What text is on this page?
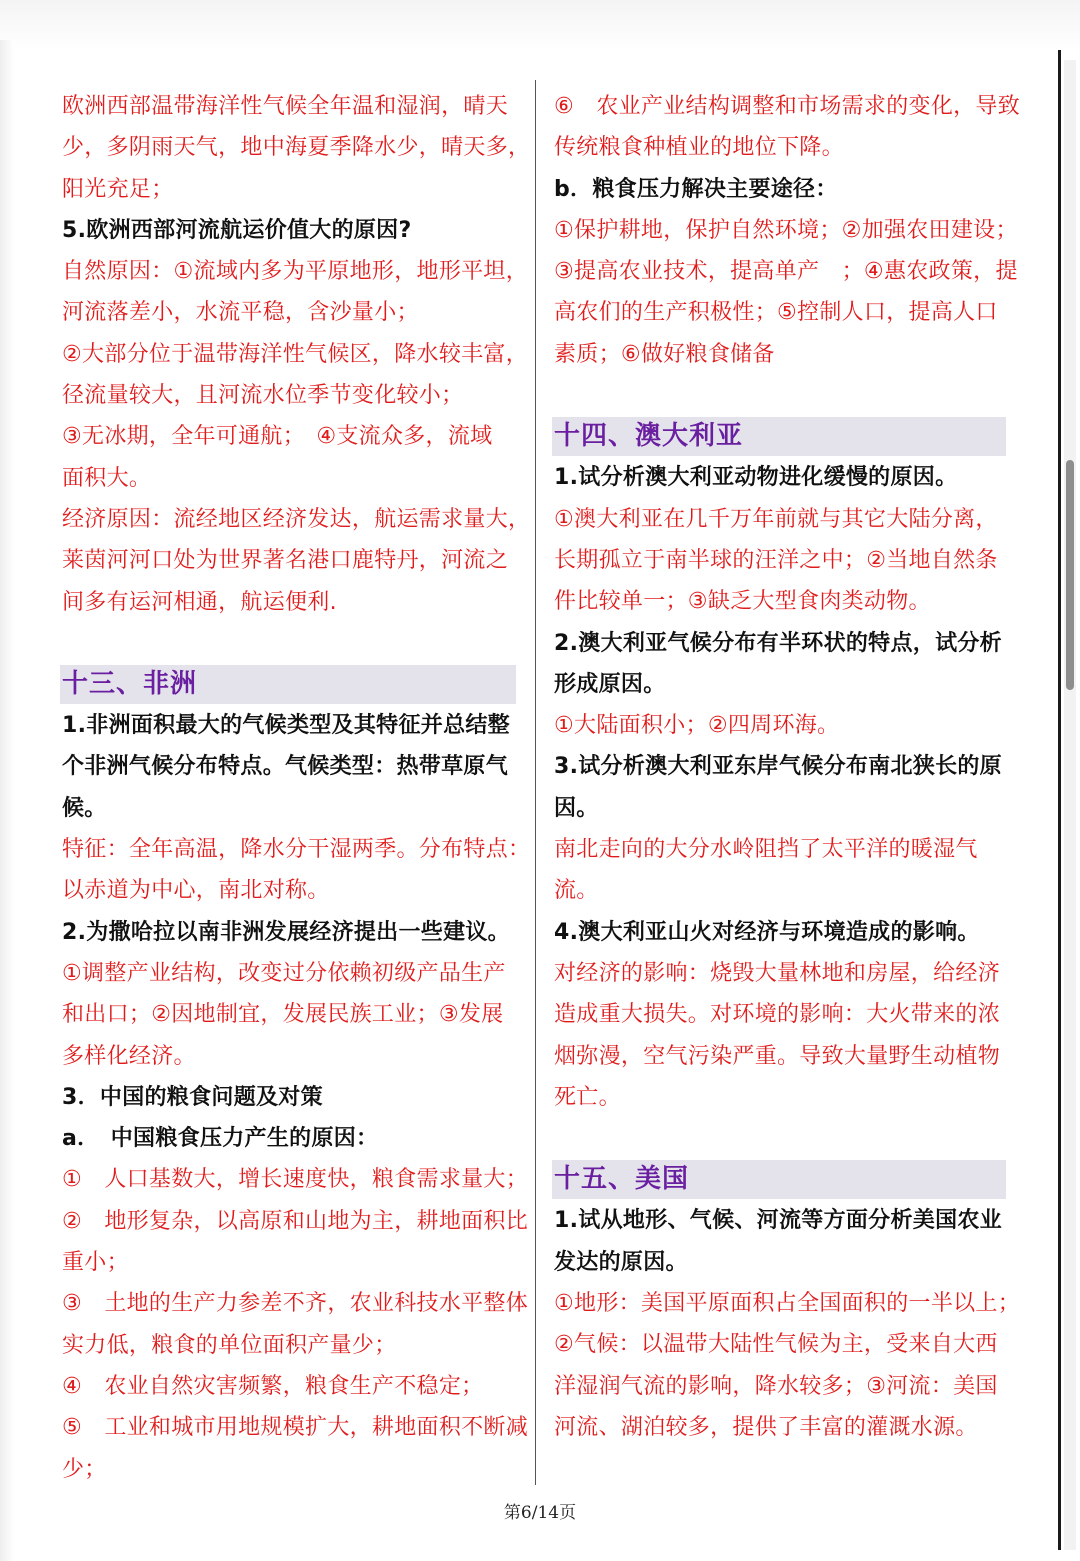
欧洲西部温带海洋性气候全年温和湿润，晴天
少，多阴雨天气，地中海夏季降水少，晴天多，
阳光充足；
5.欧洲西部河流航运价值大的原因?
自然原因：①流域内多为平原地形，地形平坦，
河流落差小，水流平稳，含沙量小；
②大部分位于温带海洋性气候区，降水较丰富，
径流量较大，且河流水位季节变化较小；
③无冰期，全年可通航；　④支流众多，流域
面积大。
经济原因：流经地区经济发达，航运需求量大，
莱茵河河口处为世界著名港口鹿特丹，河流之
间多有运河相通，航运便利.
十三、非洲
1.非洲面积最大的气候类型及其特征并总结整
个非洲气候分布特点。气候类型：热带草原气
候。
特征：全年高温，降水分干湿两季。分布特点：
以赤道为中心，南北对称。
2.为撒哈拉以南非洲发展经济提出一些建议。
①调整产业结构，改变过分依赖初级产品生产
和出口；②因地制宜，发展民族工业；③发展
多样化经济。
3．中国的粮食问题及对策
a．　中国粮食压力产生的原因：
①　人口基数大，增长速度快，粮食需求量大；
②　地形复杂，以高原和山地为主，耕地面积比
重小；
③　土地的生产力参差不齐，农业科技水平整体
实力低，粮食的单位面积产量少；
④　农业自然灾害频繁，粮食生产不稳定；
⑤　工业和城市用地规模扩大，耕地面积不断减
少；
⑥　农业产业结构调整和市场需求的变化，导致
传统粮食种植业的地位下降。
b．粮食压力解决主要途径：
①保护耕地，保护自然环境；②加强农田建设；
③提高农业技术，提高单产　；④惠农政策，提
高农们的生产积极性；⑤控制人口，提高人口
素质；⑥做好粮食储备
十四、澳大利亚
1.试分析澳大利亚动物进化缓慢的原因。
①澳大利亚在几千万年前就与其它大陆分离，
长期孤立于南半球的汪洋之中；②当地自然条
件比较单一；③缺乏大型食肉类动物。
2.澳大利亚气候分布有半环状的特点，试分析
形成原因。
①大陆面积小；②四周环海。
3.试分析澳大利亚东岸气候分布南北狭长的原
因。
南北走向的大分水岭阻挡了太平洋的暖湿气
流。
4.澳大利亚山火对经济与环境造成的影响。
对经济的影响：烧毁大量林地和房屋，给经济
造成重大损失。对环境的影响：大火带来的浓
烟弥漫，空气污染严重。导致大量野生动植物
死亡。
十五、美国
1.试从地形、气候、河流等方面分析美国农业
发达的原因。
①地形：美国平原面积占全国面积的一半以上；
②气候：以温带大陆性气候为主，受来自大西
洋湿润气流的影响，降水较多；③河流：美国
河流、湖泊较多，提供了丰富的灌溉水源。
第6/14页
